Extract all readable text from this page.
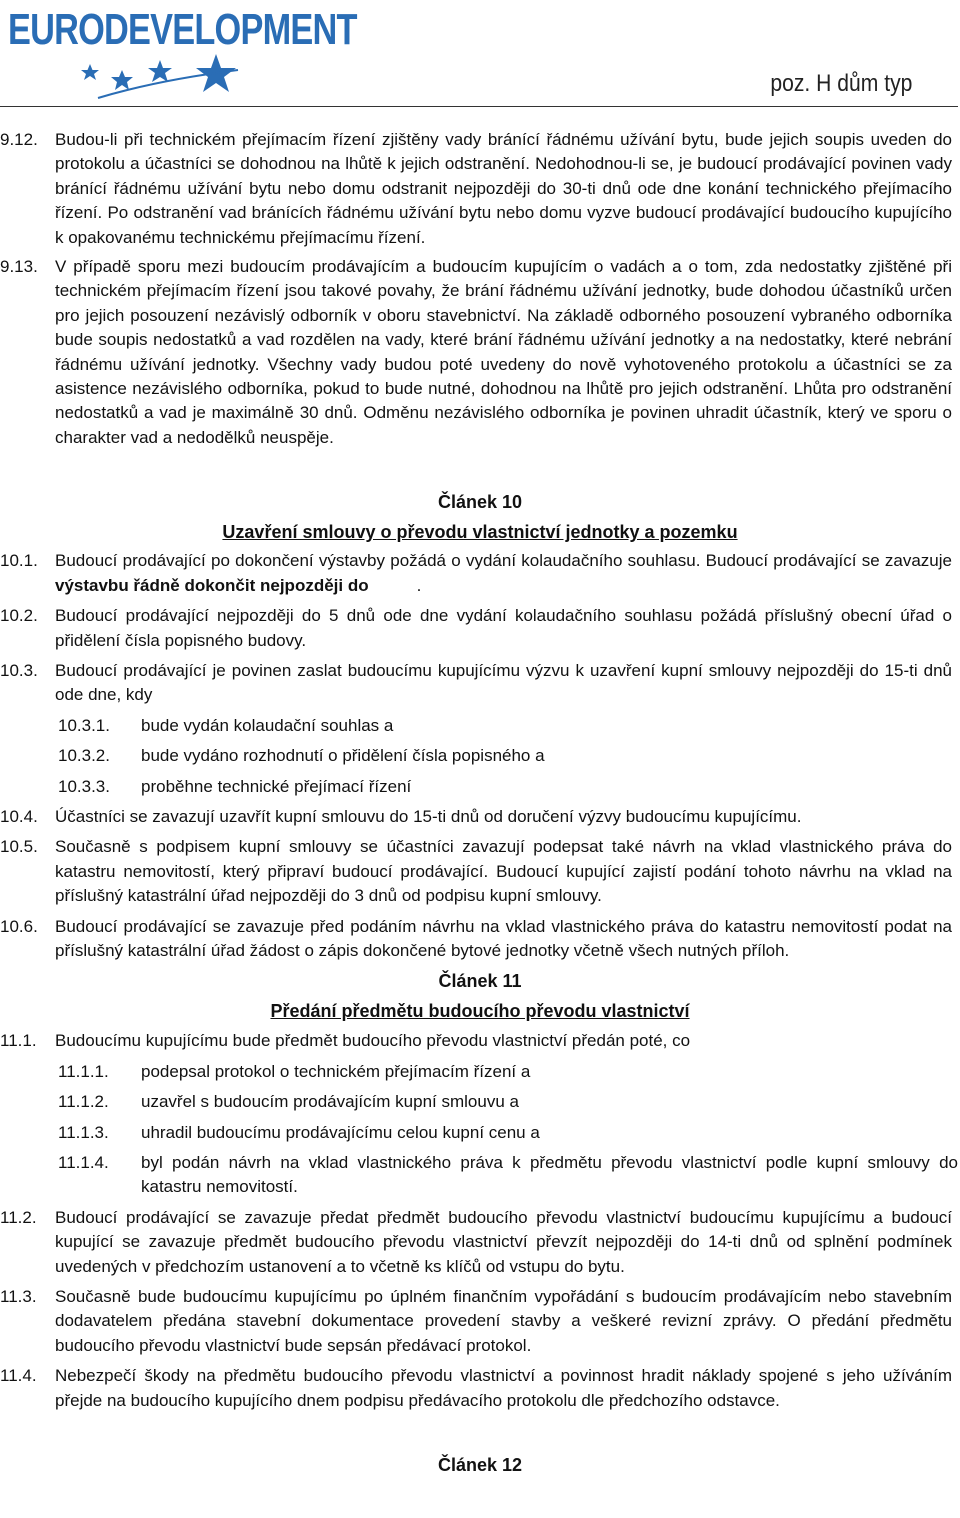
EURODEVELOPMENT
poz. H dům typ
9.12.	Budou-li při technickém přejímacím řízení zjištěny vady bránící řádnému užívání bytu, bude jejich soupis uveden do protokolu a účastníci se dohodnou na lhůtě k jejich odstranění. Nedohodnou-li se, je budoucí prodávající povinen vady bránící řádnému užívání bytu nebo domu odstranit nejpozději do 30-ti dnů ode dne konání technického přejímacího řízení. Po odstranění vad bránících řádnému užívání bytu nebo domu vyzve budoucí prodávající budoucího kupujícího k opakovanému technickému přejímacímu řízení.
9.13.	V případě sporu mezi budoucím prodávajícím a budoucím kupujícím o vadách a o tom, zda nedostatky zjištěné při technickém přejímacím řízení jsou takové povahy, že brání řádnému užívání jednotky, bude dohodou účastníků určen pro jejich posouzení nezávislý odborník v oboru stavebnictví. Na základě odborného posouzení vybraného odborníka bude soupis nedostatků a vad rozdělen na vady, které brání řádnému užívání jednotky a na nedostatky, které nebrání řádnému užívání jednotky. Všechny vady budou poté uvedeny do nově vyhotoveného protokolu a účastníci se za asistence nezávislého odborníka, pokud to bude nutné, dohodnou na lhůtě pro jejich odstranění. Lhůta pro odstranění nedostatků a vad je maximálně 30 dnů. Odměnu nezávislého odborníka je povinen uhradit účastník, který ve sporu o charakter vad a nedodělků neuspěje.

Článek 10

Uzavření smlouvy o převodu vlastnictví jednotky a pozemku

10.1.	Budoucí prodávající po dokončení výstavby požádá o vydání kolaudačního souhlasu. Budoucí prodávající se zavazuje výstavbu řádně dokončit nejpozději do	.
10.2.	Budoucí prodávající nejpozději do 5 dnů ode dne vydání kolaudačního souhlasu požádá příslušný obecní úřad o přidělení čísla popisného budovy.
10.3.	Budoucí prodávající je povinen zaslat budoucímu kupujícímu výzvu k uzavření kupní smlouvy nejpozději do 15-ti dnů ode dne, kdy
10.3.1.	bude vydán kolaudační souhlas a
10.3.2.	bude vydáno rozhodnutí o přidělení čísla popisného a
10.3.3.	proběhne technické přejímací řízení
10.4.	Účastníci se zavazují uzavřít kupní smlouvu do 15-ti dnů od doručení výzvy budoucímu kupujícímu.
10.5.	Současně s podpisem kupní smlouvy se účastníci zavazují podepsat také návrh na vklad vlastnického práva do katastru nemovitostí, který připraví budoucí prodávající. Budoucí kupující zajistí podání tohoto návrhu na vklad na příslušný katastrální úřad nejpozději do 3 dnů od podpisu kupní smlouvy.
10.6.	Budoucí prodávající se zavazuje před podáním návrhu na vklad vlastnického práva do katastru nemovitostí podat na příslušný katastrální úřad žádost o zápis dokončené bytové jednotky včetně všech nutných příloh.

Článek 11

Předání předmětu budoucího převodu vlastnictví

11.1.	Budoucímu kupujícímu bude předmět budoucího převodu vlastnictví předán poté, co
11.1.1.	podepsal protokol o technickém přejímacím řízení a
11.1.2.	uzavřel s budoucím prodávajícím kupní smlouvu a
11.1.3.	uhradil budoucímu prodávajícímu celou kupní cenu a
11.1.4.	byl podán návrh na vklad vlastnického práva k předmětu převodu vlastnictví podle kupní smlouvy do katastru nemovitostí.
11.2.	Budoucí prodávající se zavazuje předat předmět budoucího převodu vlastnictví budoucímu kupujícímu a budoucí kupující se zavazuje předmět budoucího převodu vlastnictví převzít nejpozději do 14-ti dnů od splnění podmínek uvedených v předchozím ustanovení a to včetně ks klíčů od vstupu do bytu.
11.3.	Současně bude budoucímu kupujícímu po úplném finančním vypořádání s budoucím prodávajícím nebo stavebním dodavatelem předána stavební dokumentace provedení stavby a veškeré revizní zprávy. O předání předmětu budoucího převodu vlastnictví bude sepsán předávací protokol.
11.4.	Nebezpečí škody na předmětu budoucího převodu vlastnictví a povinnost hradit náklady spojené s jeho užíváním přejde na budoucího kupujícího dnem podpisu předávacího protokolu dle předchozího odstavce.

Článek 12
